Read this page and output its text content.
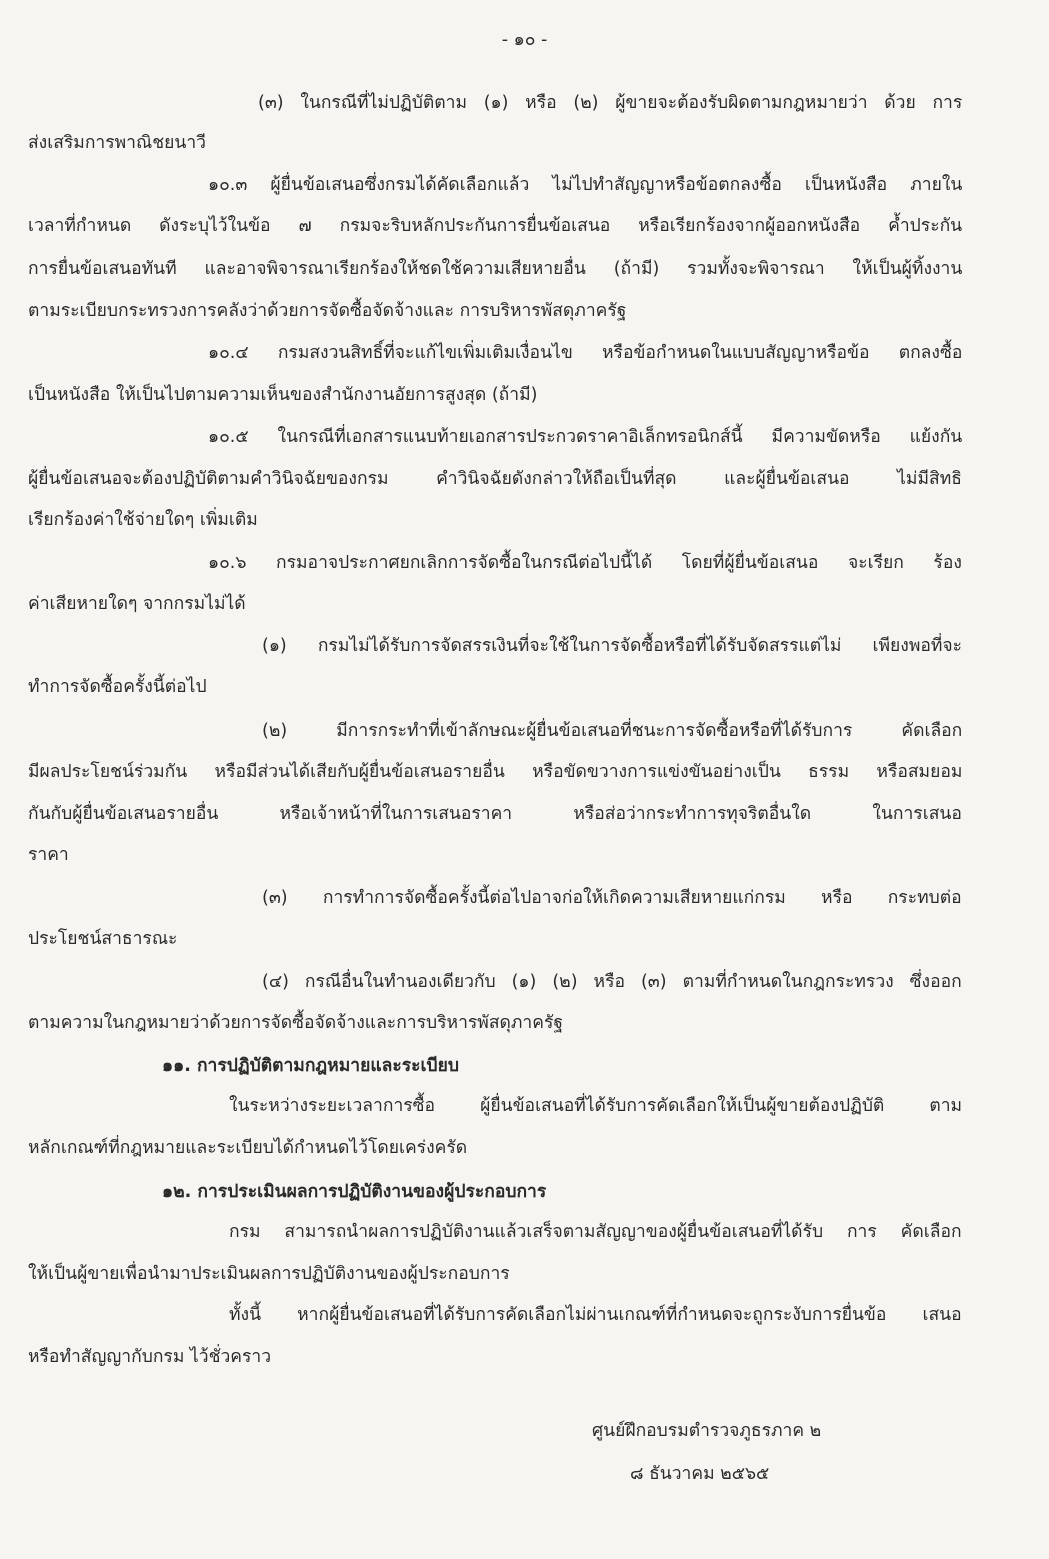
- ๑๐ -
(๓) ในกรณีที่ไม่ปฏิบัติตาม (๑) หรือ (๒) ผู้ขายจะต้องรับผิดตามกฎหมายว่า ด้วย การ
ส่งเสริมการพาณิชยนาวี
๑๐.๓ ผู้ยื่นข้อเสนอซึ่งกรมได้คัดเลือกแล้ว ไม่ไปทำสัญญาหรือข้อตกลงซื้อ เป็นหนังสือ ภายใน
เวลาที่กำหนด ดังระบุไว้ในข้อ ๗ กรมจะริบหลักประกันการยื่นข้อเสนอ หรือเรียกร้องจากผู้ออกหนังสือ ค้ำประกัน
การยื่นข้อเสนอทันที และอาจพิจารณาเรียกร้องให้ชดใช้ความเสียหายอื่น (ถ้ามี) รวมทั้งจะพิจารณา ให้เป็นผู้ทิ้งงาน
ตามระเบียบกระทรวงการคลังว่าด้วยการจัดซื้อจัดจ้างและ การบริหารพัสดุภาครัฐ
๑๐.๔ กรมสงวนสิทธิ์ที่จะแก้ไขเพิ่มเติมเงื่อนไข หรือข้อกำหนดในแบบสัญญาหรือข้อ ตกลงซื้อ
เป็นหนังสือ ให้เป็นไปตามความเห็นของสำนักงานอัยการสูงสุด (ถ้ามี)
๑๐.๕ ในกรณีที่เอกสารแนบท้ายเอกสารประกวดราคาอิเล็กทรอนิกส์นี้ มีความขัดหรือ แย้งกัน
ผู้ยื่นข้อเสนอจะต้องปฏิบัติตามคำวินิจฉัยของกรม คำวินิจฉัยดังกล่าวให้ถือเป็นที่สุด และผู้ยื่นข้อเสนอ ไม่มีสิทธิ
เรียกร้องค่าใช้จ่ายใดๆ เพิ่มเติม
๑๐.๖ กรมอาจประกาศยกเลิกการจัดซื้อในกรณีต่อไปนี้ได้ โดยที่ผู้ยื่นข้อเสนอ จะเรียก ร้อง
ค่าเสียหายใดๆ จากกรมไม่ได้
(๑) กรมไม่ได้รับการจัดสรรเงินที่จะใช้ในการจัดซื้อหรือที่ได้รับจัดสรรแต่ไม่ เพียงพอที่จะ
ทำการจัดซื้อครั้งนี้ต่อไป
(๒) มีการกระทำที่เข้าลักษณะผู้ยื่นข้อเสนอที่ชนะการจัดซื้อหรือที่ได้รับการ คัดเลือก
มีผลประโยชน์ร่วมกัน หรือมีส่วนได้เสียกับผู้ยื่นข้อเสนอรายอื่น หรือขัดขวางการแข่งขันอย่างเป็น ธรรม หรือสมยอม
กันกับผู้ยื่นข้อเสนอรายอื่น หรือเจ้าหน้าที่ในการเสนอราคา หรือส่อว่ากระทำการทุจริตอื่นใด ในการเสนอ
ราคา
(๓) การทำการจัดซื้อครั้งนี้ต่อไปอาจก่อให้เกิดความเสียหายแก่กรม หรือ กระทบต่อ
ประโยชน์สาธารณะ
(๔) กรณีอื่นในทำนองเดียวกับ (๑) (๒) หรือ (๓) ตามที่กำหนดในกฎกระทรวง ซึ่งออก
ตามความในกฎหมายว่าด้วยการจัดซื้อจัดจ้างและการบริหารพัสดุภาครัฐ
๑๑. การปฏิบัติตามกฎหมายและระเบียบ
ในระหว่างระยะเวลาการซื้อ ผู้ยื่นข้อเสนอที่ได้รับการคัดเลือกให้เป็นผู้ขายต้องปฏิบัติ ตาม
หลักเกณฑ์ที่กฎหมายและระเบียบได้กำหนดไว้โดยเคร่งครัด
๑๒. การประเมินผลการปฏิบัติงานของผู้ประกอบการ
กรม สามารถนำผลการปฏิบัติงานแล้วเสร็จตามสัญญาของผู้ยื่นข้อเสนอที่ได้รับ การ คัดเลือก
ให้เป็นผู้ขายเพื่อนำมาประเมินผลการปฏิบัติงานของผู้ประกอบการ
ทั้งนี้ หากผู้ยื่นข้อเสนอที่ได้รับการคัดเลือกไม่ผ่านเกณฑ์ที่กำหนดจะถูกระงับการยื่นข้อ เสนอ
หรือทำสัญญากับกรม ไว้ชั่วคราว
ศูนย์ฝึกอบรมตำรวจภูธรภาค ๒
๘ ธันวาคม ๒๕๖๕
